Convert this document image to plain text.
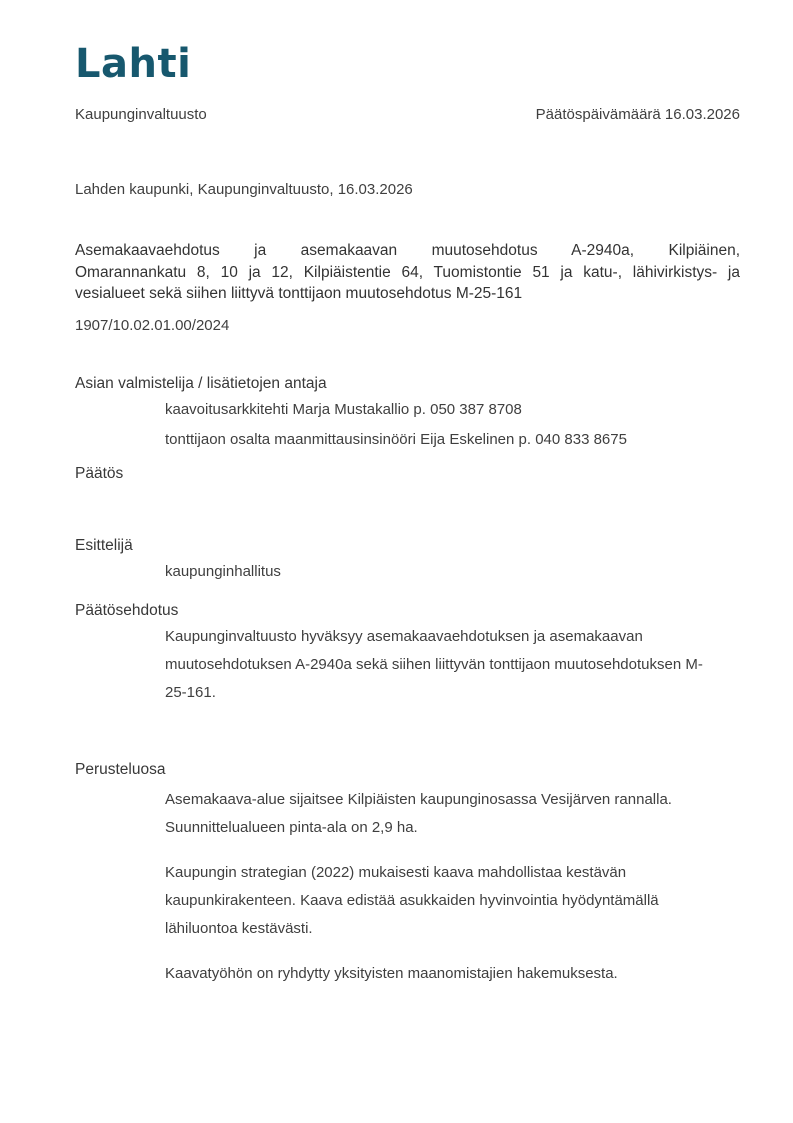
Lahti
Kaupunginvaltuusto	Päätöspäivämäärä 16.03.2026
Lahden kaupunki, Kaupunginvaltuusto, 16.03.2026
Asemakaavaehdotus ja asemakaavan muutosehdotus A-2940a, Kilpiäinen,
Omarannankatu 8, 10 ja 12, Kilpiäistentie 64, Tuomistontie 51 ja katu-, lähivirkistys- ja
vesialueet sekä siihen liittyvä tonttijaon muutosehdotus M-25-161
1907/10.02.01.00/2024
Asian valmistelija / lisätietojen antaja

kaavoitusarkkitehti Marja Mustakallio p. 050 387 8708

tonttijaon osalta maanmittausinsinööri Eija Eskelinen p. 040 833 8675

Päätös
Esittelijä

kaupunginhallitus

Päätösehdotus

Kaupunginvaltuusto hyväksyy asemakaavaehdotuksen ja asemakaavan muutosehdotuksen A-2940a sekä siihen liittyvän tonttijaon muutosehdotuksen M-25-161.

Perusteluosa

Asemakaava-alue sijaitsee Kilpiäisten kaupunginosassa Vesijärven rannalla. Suunnittelualueen pinta-ala on 2,9 ha.

Kaupungin strategian (2022) mukaisesti kaava mahdollistaa kestävän kaupunkirakenteen. Kaava edistää asukkaiden hyvinvointia hyödyntämällä lähiluontoa kestävästi.

Kaavatyöhön on ryhdytty yksityisten maanomistajien hakemuksesta.
